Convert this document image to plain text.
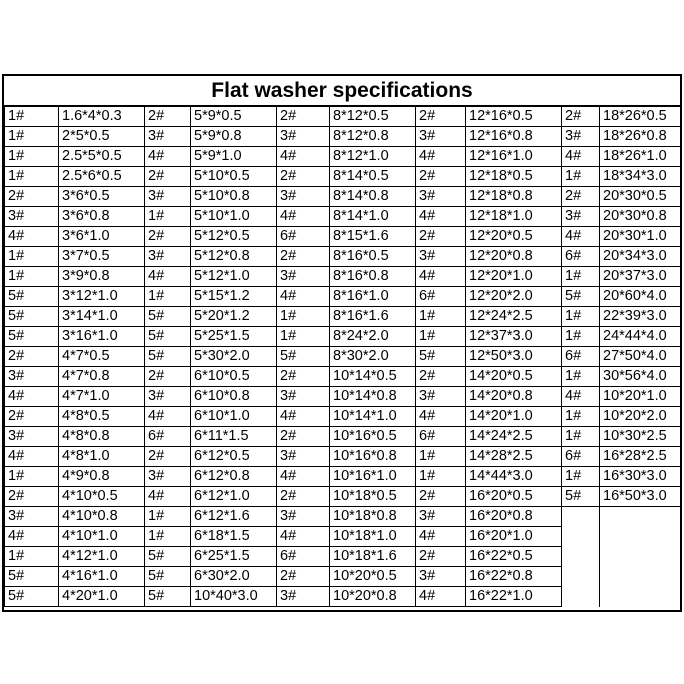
Flat washer specifications
1#	1.6*4*0.3	2#	5*9*0.5	2#	8*12*0.5	2#	12*16*0.5	2#	18*26*0.5
1#	2*5*0.5	3#	5*9*0.8	3#	8*12*0.8	3#	12*16*0.8	3#	18*26*0.8
1#	2.5*5*0.5	4#	5*9*1.0	4#	8*12*1.0	4#	12*16*1.0	4#	18*26*1.0
1#	2.5*6*0.5	2#	5*10*0.5	2#	8*14*0.5	2#	12*18*0.5	1#	18*34*3.0
2#	3*6*0.5	3#	5*10*0.8	3#	8*14*0.8	3#	12*18*0.8	2#	20*30*0.5
3#	3*6*0.8	1#	5*10*1.0	4#	8*14*1.0	4#	12*18*1.0	3#	20*30*0.8
4#	3*6*1.0	2#	5*12*0.5	6#	8*15*1.6	2#	12*20*0.5	4#	20*30*1.0
1#	3*7*0.5	3#	5*12*0.8	2#	8*16*0.5	3#	12*20*0.8	6#	20*34*3.0
1#	3*9*0.8	4#	5*12*1.0	3#	8*16*0.8	4#	12*20*1.0	1#	20*37*3.0
5#	3*12*1.0	1#	5*15*1.2	4#	8*16*1.0	6#	12*20*2.0	5#	20*60*4.0
5#	3*14*1.0	5#	5*20*1.2	1#	8*16*1.6	1#	12*24*2.5	1#	22*39*3.0
5#	3*16*1.0	5#	5*25*1.5	1#	8*24*2.0	1#	12*37*3.0	1#	24*44*4.0
2#	4*7*0.5	5#	5*30*2.0	5#	8*30*2.0	5#	12*50*3.0	6#	27*50*4.0
3#	4*7*0.8	2#	6*10*0.5	2#	10*14*0.5	2#	14*20*0.5	1#	30*56*4.0
4#	4*7*1.0	3#	6*10*0.8	3#	10*14*0.8	3#	14*20*0.8	4#	10*20*1.0
2#	4*8*0.5	4#	6*10*1.0	4#	10*14*1.0	4#	14*20*1.0	1#	10*20*2.0
3#	4*8*0.8	6#	6*11*1.5	2#	10*16*0.5	6#	14*24*2.5	1#	10*30*2.5
4#	4*8*1.0	2#	6*12*0.5	3#	10*16*0.8	1#	14*28*2.5	6#	16*28*2.5
1#	4*9*0.8	3#	6*12*0.8	4#	10*16*1.0	1#	14*44*3.0	1#	16*30*3.0
2#	4*10*0.5	4#	6*12*1.0	2#	10*18*0.5	2#	16*20*0.5	5#	16*50*3.0
3#	4*10*0.8	1#	6*12*1.6	3#	10*18*0.8	3#	16*20*0.8		
4#	4*10*1.0	1#	6*18*1.5	4#	10*18*1.0	4#	16*20*1.0		
1#	4*12*1.0	5#	6*25*1.5	6#	10*18*1.6	2#	16*22*0.5		
5#	4*16*1.0	5#	6*30*2.0	2#	10*20*0.5	3#	16*22*0.8		
5#	4*20*1.0	5#	10*40*3.0	3#	10*20*0.8	4#	16*22*1.0		
